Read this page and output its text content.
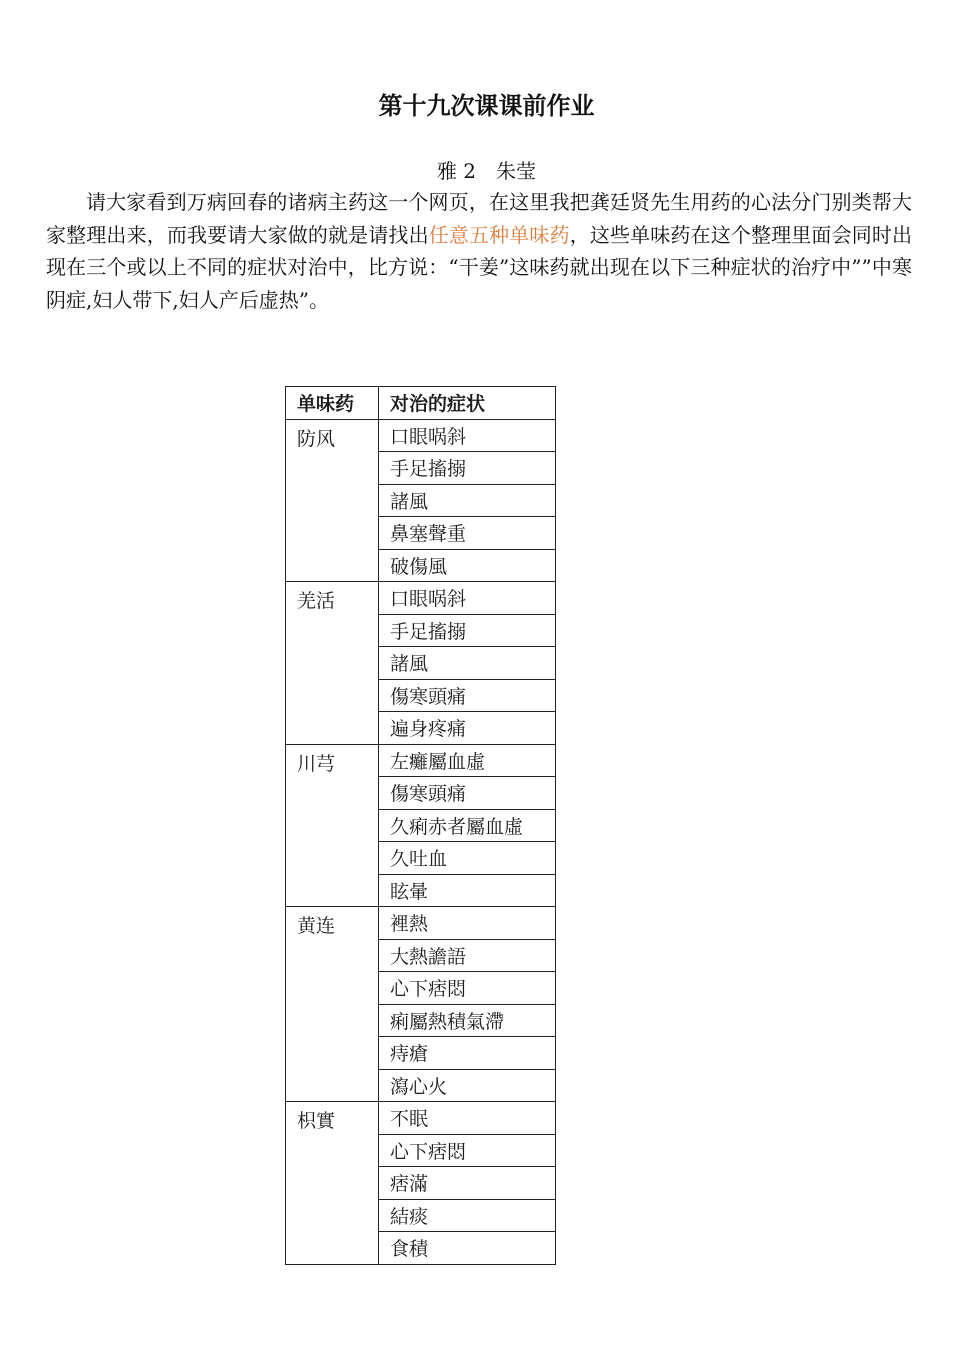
第十九次课课前作业
雅 2　朱莹

请大家看到万病回春的诸病主药这一个网页，在这里我把龚廷贤先生用药的心法分门别类帮大家整理出来，而我要请大家做的就是请找出任意五种单味药，这些单味药在这个整理里面会同时出现在三个或以上不同的症状对治中，比方说：“干姜”这味药就出现在以下三种症状的治疗中””中寒阴症,妇人带下,妇人产后虚热”。

单味药	对治的症状
防风	口眼㖞斜
	手足搐搦
	諸風
	鼻塞聲重
	破傷風
羌活	口眼㖞斜
	手足搐搦
	諸風
	傷寒頭痛
	遍身疼痛
川芎	左癱屬血虛
	傷寒頭痛
	久痢赤者屬血虛
	久吐血
	眩暈
黄连	裡熱
	大熱譫語
	心下痞悶
	痢屬熱積氣滯
	痔瘡
	瀉心火
枳實	不眠
	心下痞悶
	痞滿
	結痰
	食積
